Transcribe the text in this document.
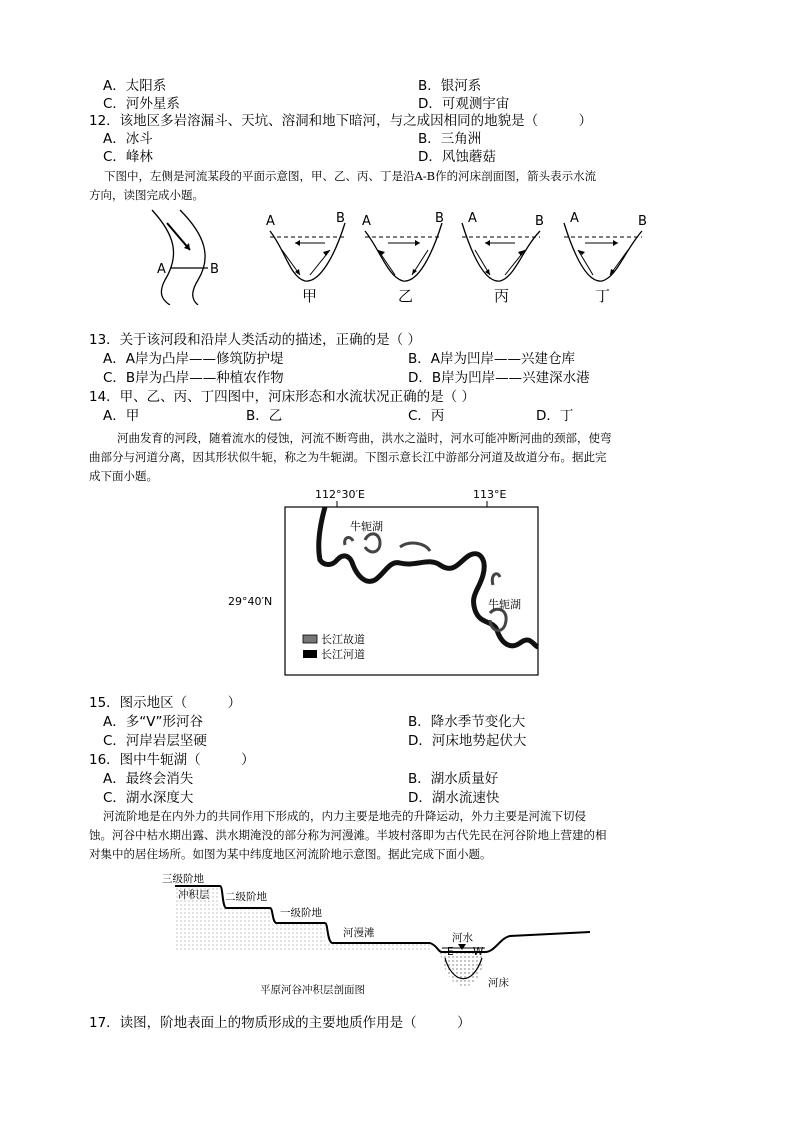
A．太阳系	B．银河系
C．河外星系	D．可观测宇宙
12．该地区多岩溶漏斗、天坑、溶洞和地下暗河，与之成因相同的地貌是（　　　）
A．冰斗	B．三角洲
C．峰林	D．风蚀蘑菇
下图中，左侧是河流某段的平面示意图，甲、乙、丙、丁是沿A-B作的河床剖面图，箭头表示水流
方向，读图完成小题。
A	B
A	B
甲
A	B
乙
A	B
丙
A	B
丁
13．关于该河段和沿岸人类活动的描述，正确的是（ ）
A．A岸为凸岸——修筑防护堤	B．A岸为凹岸——兴建仓库
C．B岸为凸岸——种植农作物	D．B岸为凹岸——兴建深水港
14．甲、乙、丙、丁四图中，河床形态和水流状况正确的是（ ）
A．甲	B．乙	C．丙	D．丁
河曲发育的河段，随着流水的侵蚀，河流不断弯曲，洪水之溢时，河水可能冲断河曲的颈部，使弯
曲部分与河道分离，因其形状似牛轭，称之为牛轭湖。下图示意长江中游部分河道及故道分布。据此完
成下面小题。
112°30′E	113°E
29°40′N
牛轭湖
牛轭湖
长江故道
长江河道
15．图示地区（　　　）
A．多“V”形河谷	B．降水季节变化大
C．河岸岩层坚硬	D．河床地势起伏大
16．图中牛轭湖（　　　）
A．最终会消失	B．湖水质量好
C．湖水深度大	D．湖水流速快
河流阶地是在内外力的共同作用下形成的，内力主要是地壳的升降运动，外力主要是河流下切侵
蚀。河谷中枯水期出露、洪水期淹没的部分称为河漫滩。半坡村落即为古代先民在河谷阶地上营建的相
对集中的居住场所。如图为某中纬度地区河流阶地示意图。据此完成下面小题。
三级阶地
二级阶地
一级阶地
河漫滩	河水
河床
平原河谷冲积层剖面图
17．读图，阶地表面上的物质形成的主要地质作用是（　　　）
